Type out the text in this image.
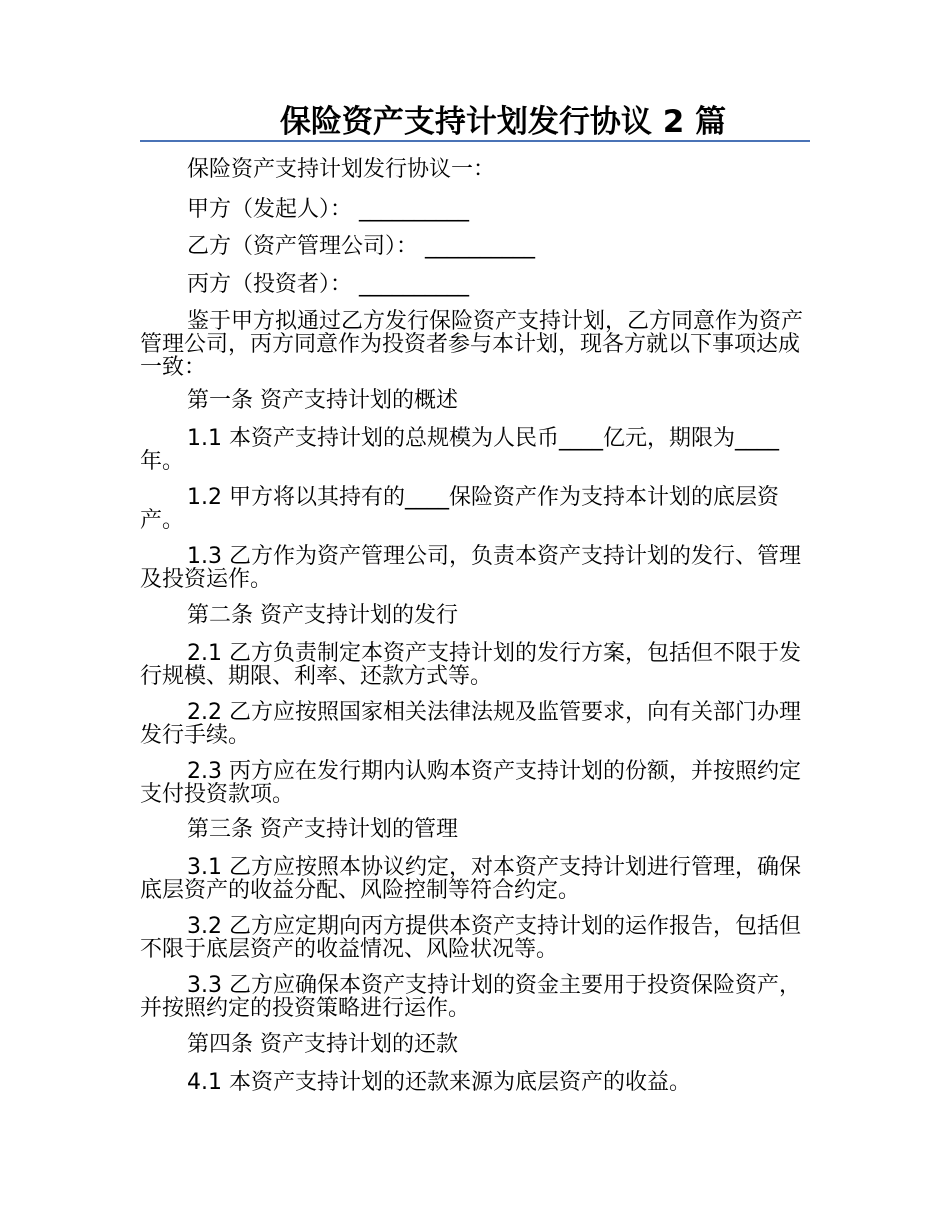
保险资产支持计划发行协议 2 篇
保险资产支持计划发行协议一：
甲方（发起人）： __________
乙方（资产管理公司）： __________
丙方（投资者）： __________
鉴于甲方拟通过乙方发行保险资产支持计划，乙方同意作为资产管理公司，丙方同意作为投资者参与本计划，现各方就以下事项达成一致：
第一条 资产支持计划的概述
1.1 本资产支持计划的总规模为人民币____亿元，期限为____年。
1.2 甲方将以其持有的____保险资产作为支持本计划的底层资产。
1.3 乙方作为资产管理公司，负责本资产支持计划的发行、管理及投资运作。
第二条 资产支持计划的发行
2.1 乙方负责制定本资产支持计划的发行方案，包括但不限于发行规模、期限、利率、还款方式等。
2.2 乙方应按照国家相关法律法规及监管要求，向有关部门办理发行手续。
2.3 丙方应在发行期内认购本资产支持计划的份额，并按照约定支付投资款项。
第三条 资产支持计划的管理
3.1 乙方应按照本协议约定，对本资产支持计划进行管理，确保底层资产的收益分配、风险控制等符合约定。
3.2 乙方应定期向丙方提供本资产支持计划的运作报告，包括但不限于底层资产的收益情况、风险状况等。
3.3 乙方应确保本资产支持计划的资金主要用于投资保险资产，并按照约定的投资策略进行运作。
第四条 资产支持计划的还款
4.1 本资产支持计划的还款来源为底层资产的收益。
